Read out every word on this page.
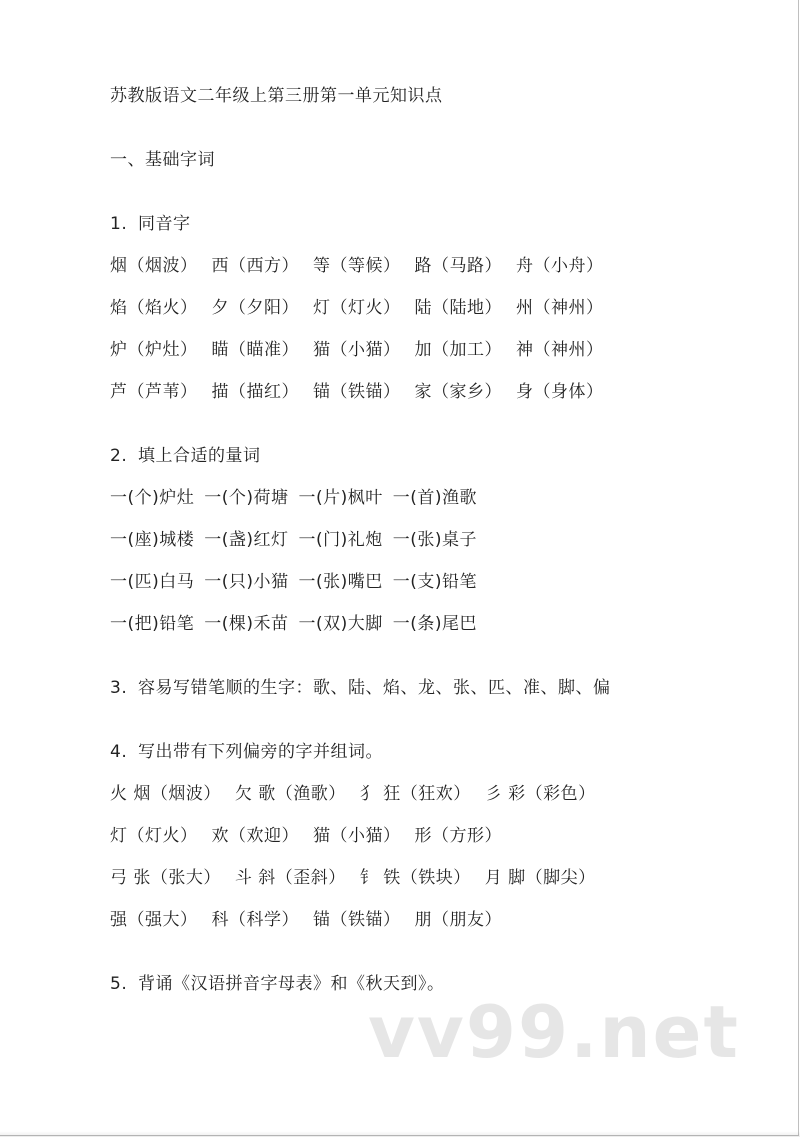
苏教版语文二年级上第三册第一单元知识点
一、基础字词
1. 同音字
烟（烟波） 西（西方） 等（等候） 路（马路） 舟（小舟）
焰（焰火） 夕（夕阳） 灯（灯火） 陆（陆地） 州（神州）
炉（炉灶） 瞄（瞄准） 猫（小猫） 加（加工） 神（神州）
芦（芦苇） 描（描红） 锚（铁锚） 家（家乡） 身（身体）
2. 填上合适的量词
一(个)炉灶 一(个)荷塘 一(片)枫叶 一(首)渔歌
一(座)城楼 一(盏)红灯 一(门)礼炮 一(张)桌子
一(匹)白马 一(只)小猫 一(张)嘴巴 一(支)铅笔
一(把)铅笔 一(棵)禾苗 一(双)大脚 一(条)尾巴
3. 容易写错笔顺的生字：歌、陆、焰、龙、张、匹、准、脚、偏
4. 写出带有下列偏旁的字并组词。
火 烟（烟波） 欠 歌（渔歌） 犭 狂（狂欢） 彡 彩（彩色）
灯（灯火） 欢（欢迎） 猫（小猫） 形（方形）
弓 张（张大） 斗 斜（歪斜） 钅 铁（铁块） 月 脚（脚尖）
强（强大） 科（科学） 锚（铁锚） 朋（朋友）
5. 背诵《汉语拼音字母表》和《秋天到》。
vv99.net
